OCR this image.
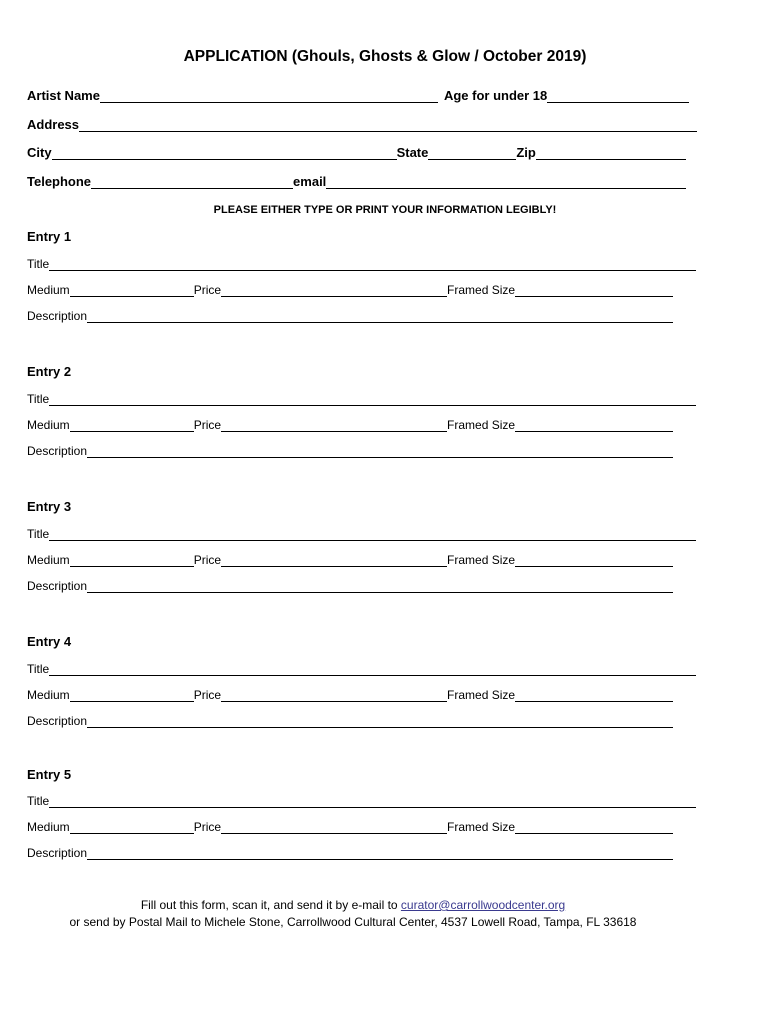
APPLICATION (Ghouls, Ghosts & Glow / October 2019)
Artist Name	Age for under 18
Address
City	State	Zip
Telephone	email
PLEASE EITHER TYPE OR PRINT YOUR INFORMATION LEGIBLY!
Entry 1
Title
Medium	Price	Framed Size
Description
Entry 2
Title
Medium	Price	Framed Size
Description
Entry 3
Title
Medium	Price	Framed Size
Description
Entry 4
Title
Medium	Price	Framed Size
Description
Entry 5
Title
Medium	Price	Framed Size
Description
Fill out this form, scan it, and send it by e-mail to curator@carrollwoodcenter.org
or send by Postal Mail to Michele Stone, Carrollwood Cultural Center, 4537 Lowell Road, Tampa, FL 33618
